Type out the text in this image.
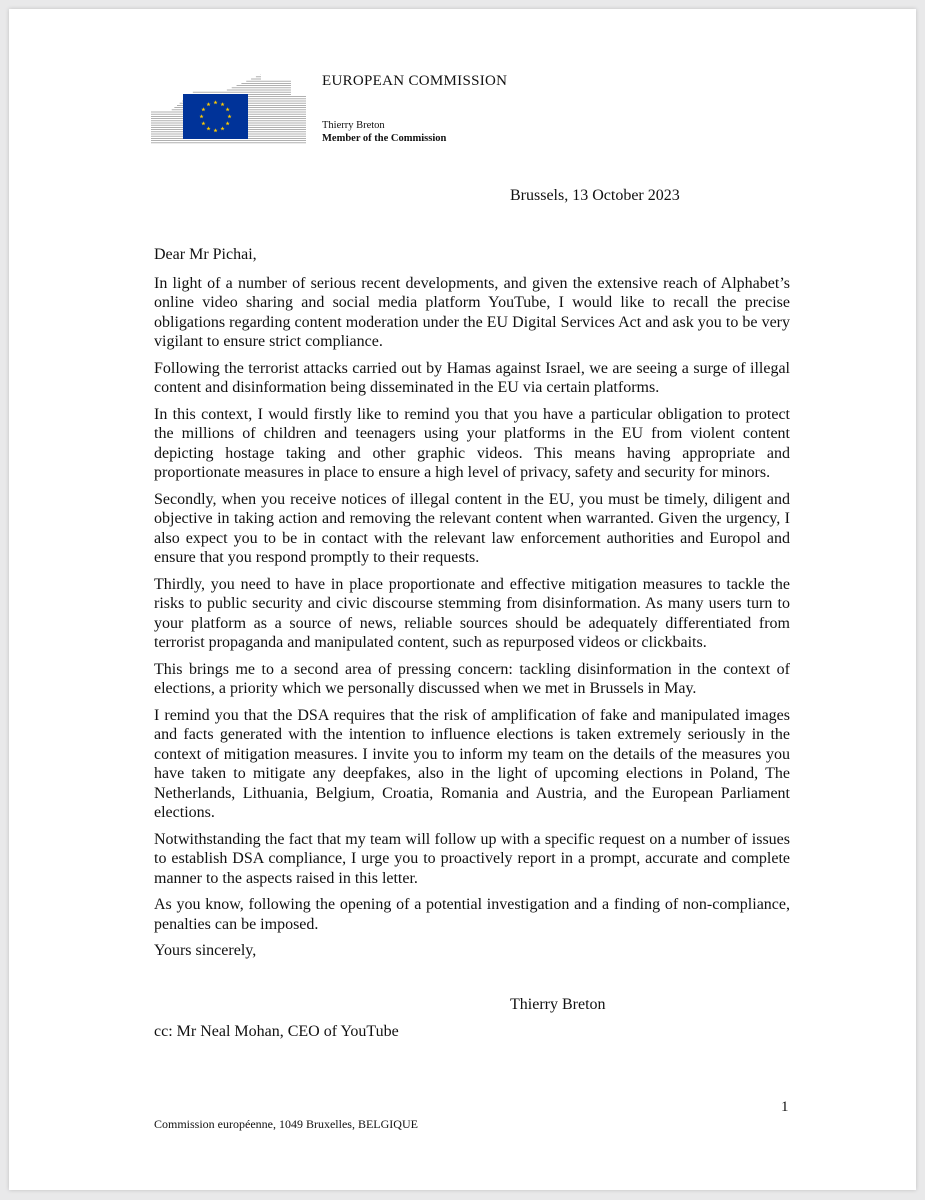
EUROPEAN COMMISSION
Thierry Breton
Member of the Commission
Brussels, 13 October 2023

Dear Mr Pichai,

In light of a number of serious recent developments, and given the extensive reach of Alphabet’s online video sharing and social media platform YouTube, I would like to recall the precise obligations regarding content moderation under the EU Digital Services Act and ask you to be very vigilant to ensure strict compliance.

Following the terrorist attacks carried out by Hamas against Israel, we are seeing a surge of illegal content and disinformation being disseminated in the EU via certain platforms.

In this context, I would firstly like to remind you that you have a particular obligation to protect the millions of children and teenagers using your platforms in the EU from violent content depicting hostage taking and other graphic videos. This means having appropriate and proportionate measures in place to ensure a high level of privacy, safety and security for minors.

Secondly, when you receive notices of illegal content in the EU, you must be timely, diligent and objective in taking action and removing the relevant content when warranted. Given the urgency, I also expect you to be in contact with the relevant law enforcement authorities and Europol and ensure that you respond promptly to their requests.

Thirdly, you need to have in place proportionate and effective mitigation measures to tackle the risks to public security and civic discourse stemming from disinformation. As many users turn to your platform as a source of news, reliable sources should be adequately differentiated from terrorist propaganda and manipulated content, such as repurposed videos or clickbaits.

This brings me to a second area of pressing concern: tackling disinformation in the context of elections, a priority which we personally discussed when we met in Brussels in May.

I remind you that the DSA requires that the risk of amplification of fake and manipulated images and facts generated with the intention to influence elections is taken extremely seriously in the context of mitigation measures. I invite you to inform my team on the details of the measures you have taken to mitigate any deepfakes, also in the light of upcoming elections in Poland, The Netherlands, Lithuania, Belgium, Croatia, Romania and Austria, and the European Parliament elections.

Notwithstanding the fact that my team will follow up with a specific request on a number of issues to establish DSA compliance, I urge you to proactively report in a prompt, accurate and complete manner to the aspects raised in this letter.

As you know, following the opening of a potential investigation and a finding of non-compliance, penalties can be imposed.

Yours sincerely,

Thierry Breton
cc: Mr Neal Mohan, CEO of YouTube
1
Commission européenne, 1049 Bruxelles, BELGIQUE
